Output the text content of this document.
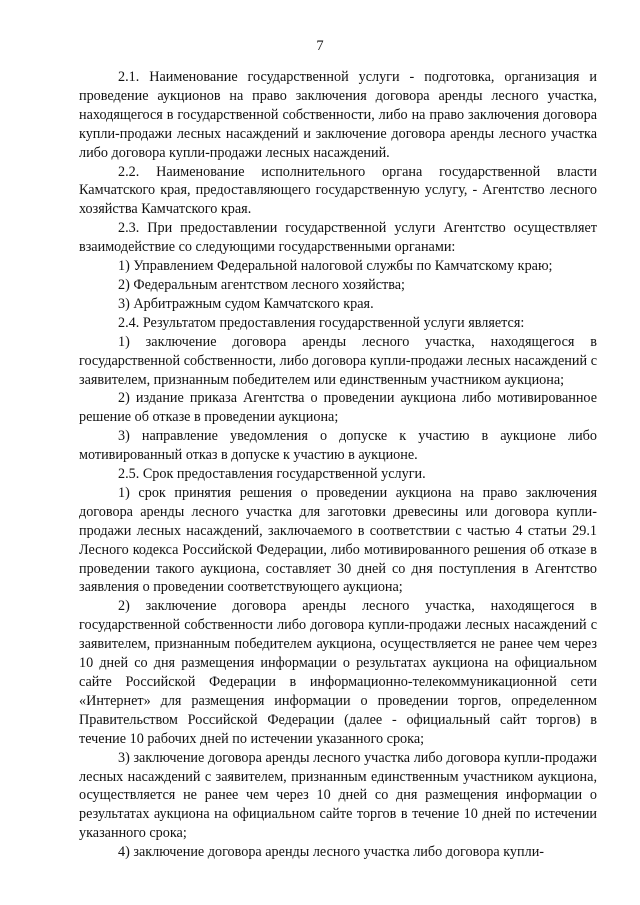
7

2.1. Наименование государственной услуги - подготовка, организация и проведение аукционов на право заключения договора аренды лесного участка, находящегося в государственной собственности, либо на право заключения договора купли-продажи лесных насаждений и заключение договора аренды лесного участка либо договора купли-продажи лесных насаждений.

2.2. Наименование исполнительного органа государственной власти Камчатского края, предоставляющего государственную услугу, - Агентство лесного хозяйства Камчатского края.

2.3. При предоставлении государственной услуги Агентство осуществляет взаимодействие со следующими государственными органами:

1) Управлением Федеральной налоговой службы по Камчатскому краю;

2) Федеральным агентством лесного хозяйства;

3) Арбитражным судом Камчатского края.

2.4. Результатом предоставления государственной услуги является:

1) заключение договора аренды лесного участка, находящегося в государственной собственности, либо договора купли-продажи лесных насаждений с заявителем, признанным победителем или единственным участником аукциона;

2) издание приказа Агентства о проведении аукциона либо мотивированное решение об отказе в проведении аукциона;

3) направление уведомления о допуске к участию в аукционе либо мотивированный отказ в допуске к участию в аукционе.

2.5. Срок предоставления государственной услуги.

1) срок принятия решения о проведении аукциона на право заключения договора аренды лесного участка для заготовки древесины или договора купли-продажи лесных насаждений, заключаемого в соответствии с частью 4 статьи 29.1 Лесного кодекса Российской Федерации, либо мотивированного решения об отказе в проведении такого аукциона, составляет 30 дней со дня поступления в Агентство заявления о проведении соответствующего аукциона;

2) заключение договора аренды лесного участка, находящегося в государственной собственности либо договора купли-продажи лесных насаждений с заявителем, признанным победителем аукциона, осуществляется не ранее чем через 10 дней со дня размещения информации о результатах аукциона на официальном сайте Российской Федерации в информационно-телекоммуникационной сети «Интернет» для размещения информации о проведении торгов, определенном Правительством Российской Федерации (далее - официальный сайт торгов) в течение 10 рабочих дней по истечении указанного срока;

3) заключение договора аренды лесного участка либо договора купли-продажи лесных насаждений с заявителем, признанным единственным участником аукциона, осуществляется не ранее чем через 10 дней со дня размещения информации о результатах аукциона на официальном сайте торгов в течение 10 дней по истечении указанного срока;

4) заключение договора аренды лесного участка либо договора купли-
